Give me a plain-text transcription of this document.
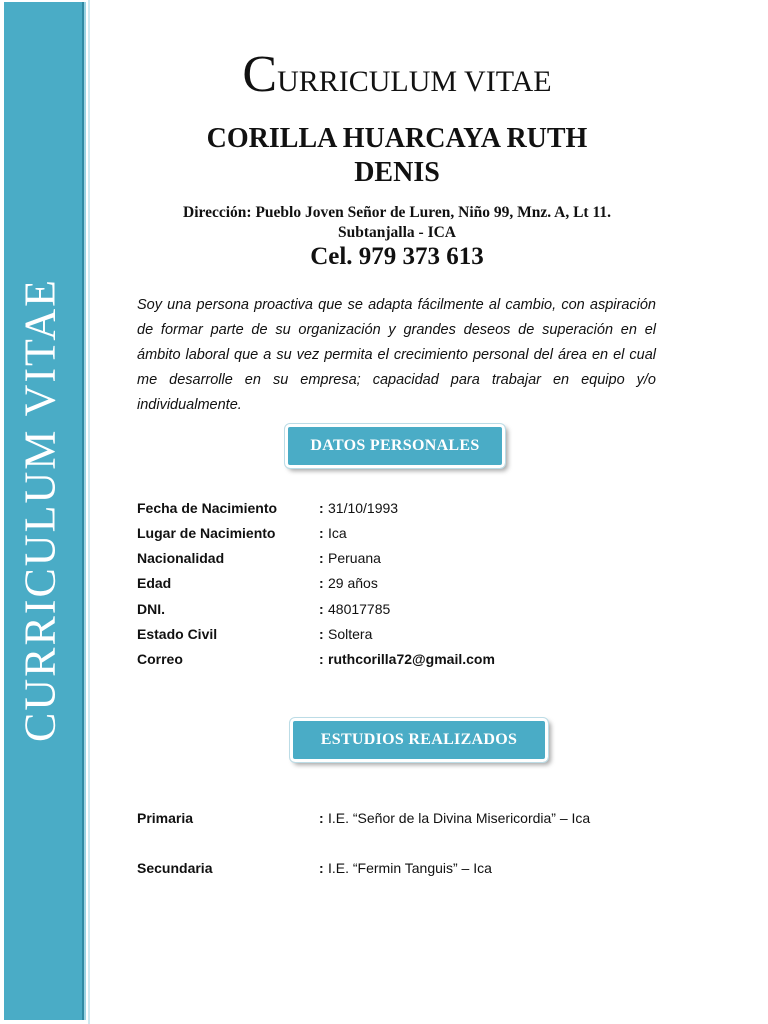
CURRICULUM VITAE
CURRICULUM VITAE
CORILLA HUARCAYA RUTH
DENIS
Dirección: Pueblo Joven Señor de Luren, Niño 99, Mnz. A, Lt 11.
Subtanjalla - ICA
Cel. 979 373 613
Soy una persona proactiva que se adapta fácilmente al cambio, con aspiración de formar parte de su organización y grandes deseos de superación en el ámbito laboral que a su vez permita el crecimiento personal del área en el cual me desarrolle en su empresa; capacidad para trabajar en equipo y/o individualmente.
DATOS PERSONALES
Fecha de Nacimiento	: 31/10/1993
Lugar de Nacimiento	: Ica
Nacionalidad	: Peruana
Edad	: 29 años
DNI.	: 48017785
Estado Civil	: Soltera
Correo	: ruthcorilla72@gmail.com
ESTUDIOS REALIZADOS
Primaria	: I.E. “Señor de la Divina Misericordia” – Ica
Secundaria	: I.E. “Fermin Tanguis” – Ica
